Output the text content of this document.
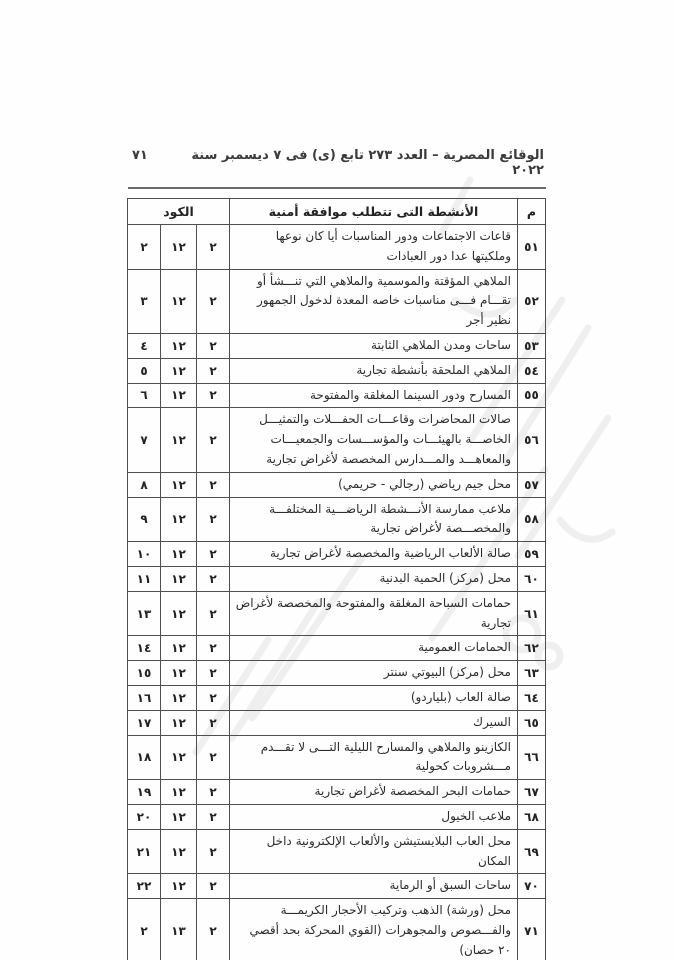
الوقائع المصرية – العدد ٢٧٣ تابع (ى) فى ٧ ديسمبر سنة ٢٠٢٢
٧١
م	الأنشطة التى تتطلب موافقة أمنية	الكود		
٥١	قاعات الاجتماعات ودور المناسبات أيا كان نوعها وملكيتها عدا دور العبادات	٢	١٢	٢
٥٢	الملاهي المؤقتة والموسمية والملاهي التي تنـــشأ أو تقـــام فـــى مناسبات خاصه المعدة لدخول الجمهور نظير أجر	٢	١٢	٣
٥٣	ساحات ومدن الملاهي الثابتة	٢	١٢	٤
٥٤	الملاهي الملحقة بأنشطة تجارية	٢	١٢	٥
٥٥	المسارح ودور السينما المغلقة والمفتوحة	٢	١٢	٦
٥٦	صالات المحاضرات وقاعـــات الحفـــلات والتمثيـــل الخاصـــة بالهيئـــات والمؤســـسات والجمعيـــات والمعاهـــد والمـــدارس المخصصة لأغراض تجارية	٢	١٢	٧
٥٧	محل جيم رياضي (رجالي - حريمي)	٢	١٢	٨
٥٨	ملاعب ممارسة الأنـــشطة الرياضـــية المختلفـــة والمخصـــصة لأغراض تجارية	٢	١٢	٩
٥٩	صالة الألعاب الرياضية والمخصصة لأغراض تجارية	٢	١٢	١٠
٦٠	محل (مركز) الحمية البدنية	٢	١٢	١١
٦١	حمامات السباحة المغلقة والمفتوحة والمخصصة لأغراض تجارية	٢	١٢	١٣
٦٢	الحمامات العمومية	٢	١٢	١٤
٦٣	محل (مركز) البيوتي سنتر	٢	١٢	١٥
٦٤	صالة العاب (بلياردو)	٢	١٢	١٦
٦٥	السيرك	٢	١٢	١٧
٦٦	الكازينو والملاهي والمسارح الليلية التـــى لا تقـــدم مـــشروبات كحولية	٢	١٢	١٨
٦٧	حمامات البحر المخصصة لأغراض تجارية	٢	١٢	١٩
٦٨	ملاعب الخيول	٢	١٢	٢٠
٦٩	محل العاب البلايستيشن والألعاب الإلكترونية داخل المكان	٢	١٢	٢١
٧٠	ساحات السبق أو الرماية	٢	١٢	٢٢
٧١	محل (ورشة) الذهب وتركيب الأحجار الكريمـــة والفـــصوص والمجوهرات (القوي المحركة بحد أقصي ٢٠ حصان)	٢	١٣	٢
